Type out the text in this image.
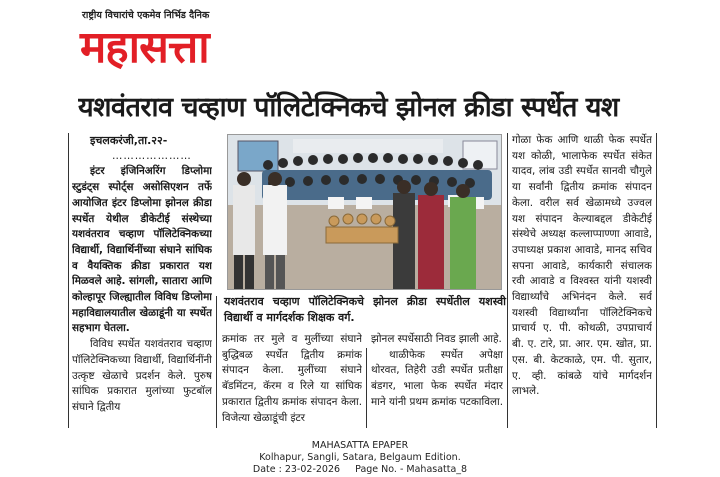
राष्ट्रीय विचारांचे एकमेव निर्भिड दैनिक
महासत्ता
यशवंतराव चव्हाण पॉलिटेक्निकचे झोनल क्रीडा स्पर्धेत यश

इचलकरंजी,ता.२२-

…………………

इंटर इंजिनिअरिंग डिप्लोमा स्टुडंट्स स्पोर्ट्स असोसिएशन तर्फे आयोजित इंटर डिप्लोमा झोनल क्रीडा स्पर्धेत येथील डीकेटीई संस्थेच्या यशवंतराव चव्हाण पॉलिटेक्निकच्या विद्यार्थी, विद्यार्थिनींच्या संघाने सांघिक व वैयक्तिक क्रीडा प्रकारात यश मिळवले आहे. सांगली, सातारा आणि कोल्हापूर जिल्ह्यातील विविध डिप्लोमा महाविद्यालयातील खेळाडूंनी या स्पर्धेत सहभाग घेतला.

विविध स्पर्धेत यशवंतराव चव्हाण पॉलिटेक्निकच्या विद्यार्थी, विद्यार्थिनींनी उत्कृष्ट खेळाचे प्रदर्शन केले. पुरुष सांघिक प्रकारात मुलांच्या फुटबॉल संघाने द्वितीय

यशवंतराव चव्हाण पॉलिटेक्निकचे झोनल क्रीडा स्पर्धेतील यशस्वी विद्यार्थी व मार्गदर्शक शिक्षक वर्ग.

क्रमांक तर मुले व मुलींच्या संघाने बुद्धिबळ स्पर्धेत द्वितीय क्रमांक संपादन केला. मुलींच्या संघाने बॅडमिंटन, कॅरम व रिले या सांघिक प्रकारात द्वितीय क्रमांक संपादन केला. विजेत्या खेळाडूंची इंटर

झोनल स्पर्धेसाठी निवड झाली आहे.

थाळीफेक स्पर्धेत अपेक्षा थोरवत, तिहेरी उडी स्पर्धेत प्रतीक्षा बंडगर, भाला फेक स्पर्धेत मंदार माने यांनी प्रथम क्रमांक पटकाविला.

गोळा फेक आणि थाळी फेक स्पर्धेत यश कोळी, भालाफेक स्पर्धेत संकेत यादव, लांब उडी स्पर्धेत सानवी चौगुले या सर्वांनी द्वितीय क्रमांक संपादन केला. वरील सर्व खेळामध्ये उज्वल यश संपादन केल्याबद्दल डीकेटीई संस्थेचे अध्यक्ष कल्लाप्पाण्णा आवाडे, उपाध्यक्ष प्रकाश आवाडे, मानद सचिव सपना आवाडे, कार्यकारी संचालक रवी आवाडे व विश्वस्त यांनी यशस्वी विद्यार्थ्यांचे अभिनंदन केले. सर्व यशस्वी विद्यार्थ्यांना पॉलिटेक्निकचे प्राचार्य ए. पी. कोथळी, उपप्राचार्य बी. ए. टारे, प्रा. आर. एम. खोत, प्रा. एस. बी. केटकाळे, एम. पी. सुतार, ए. व्ही. कांबळे यांचे मार्गदर्शन लाभले.

MAHASATTA EPAPER
Kolhapur, Sangli, Satara, Belgaum Edition.
Date : 23-02-2026     Page No. - Mahasatta_8
